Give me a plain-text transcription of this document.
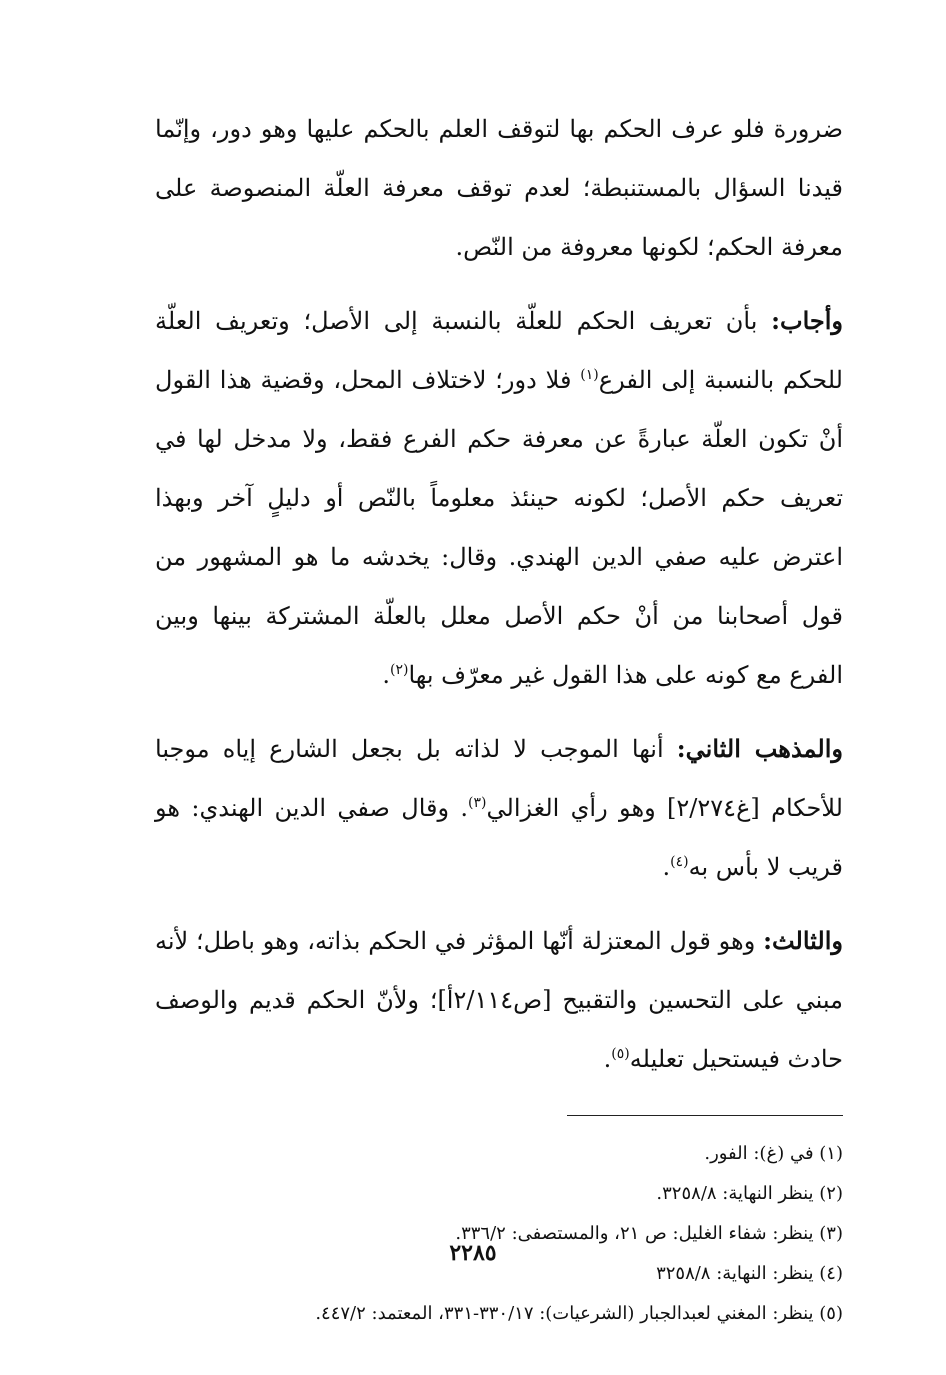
ضرورة فلو عرف الحكم بها لتوقف العلم بالحكم عليها وهو دور، وإنّما قيدنا السؤال بالمستنبطة؛ لعدم توقف معرفة العلّة المنصوصة على معرفة الحكم؛ لكونها معروفة من النّص.

وأجاب: بأن تعريف الحكم للعلّة بالنسبة إلى الأصل؛ وتعريف العلّة للحكم بالنسبة إلى الفرع$^{(١)}$ فلا دور؛ لاختلاف المحل، وقضية هذا القول أنْ تكون العلّة عبارةً عن معرفة حكم الفرع فقط، ولا مدخل لها في تعريف حكم الأصل؛ لكونه حينئذ معلوماً بالنّص أو دليلٍ آخر وبهذا اعترض عليه صفي الدين الهندي. وقال: يخدشه ما هو المشهور من قول أصحابنا من أنْ حكم الأصل معلل بالعلّة المشتركة بينها وبين الفرع مع كونه على هذا القول غير معرّف بها$^{(٢)}$.

والمذهب الثاني: أنها الموجب لا لذاته بل بجعل الشارع إياه موجبا للأحكام [غ٢/٢٧٤] وهو رأي الغزالي$^{(٣)}$. وقال صفي الدين الهندي: هو قريب لا بأس به$^{(٤)}$.

والثالث: وهو قول المعتزلة أنّها المؤثر في الحكم بذاته، وهو باطل؛ لأنه مبني على التحسين والتقبيح [ص٢/١١٤أ]؛ ولأنّ الحكم قديم والوصف حادث فيستحيل تعليله$^{(٥)}$.

(١) في (غ): الفور.

(٢) ينظر النهاية: ٣٢٥٨/٨.

(٣) ينظر: شفاء الغليل: ص ٢١، والمستصفى: ٣٣٦/٢.

(٤) ينظر: النهاية: ٣٢٥٨/٨

(٥) ينظر: المغني لعبدالجبار (الشرعيات): ٣٣٠/١٧-٣٣١، المعتمد: ٤٤٧/٢.

٢٢٨٥
